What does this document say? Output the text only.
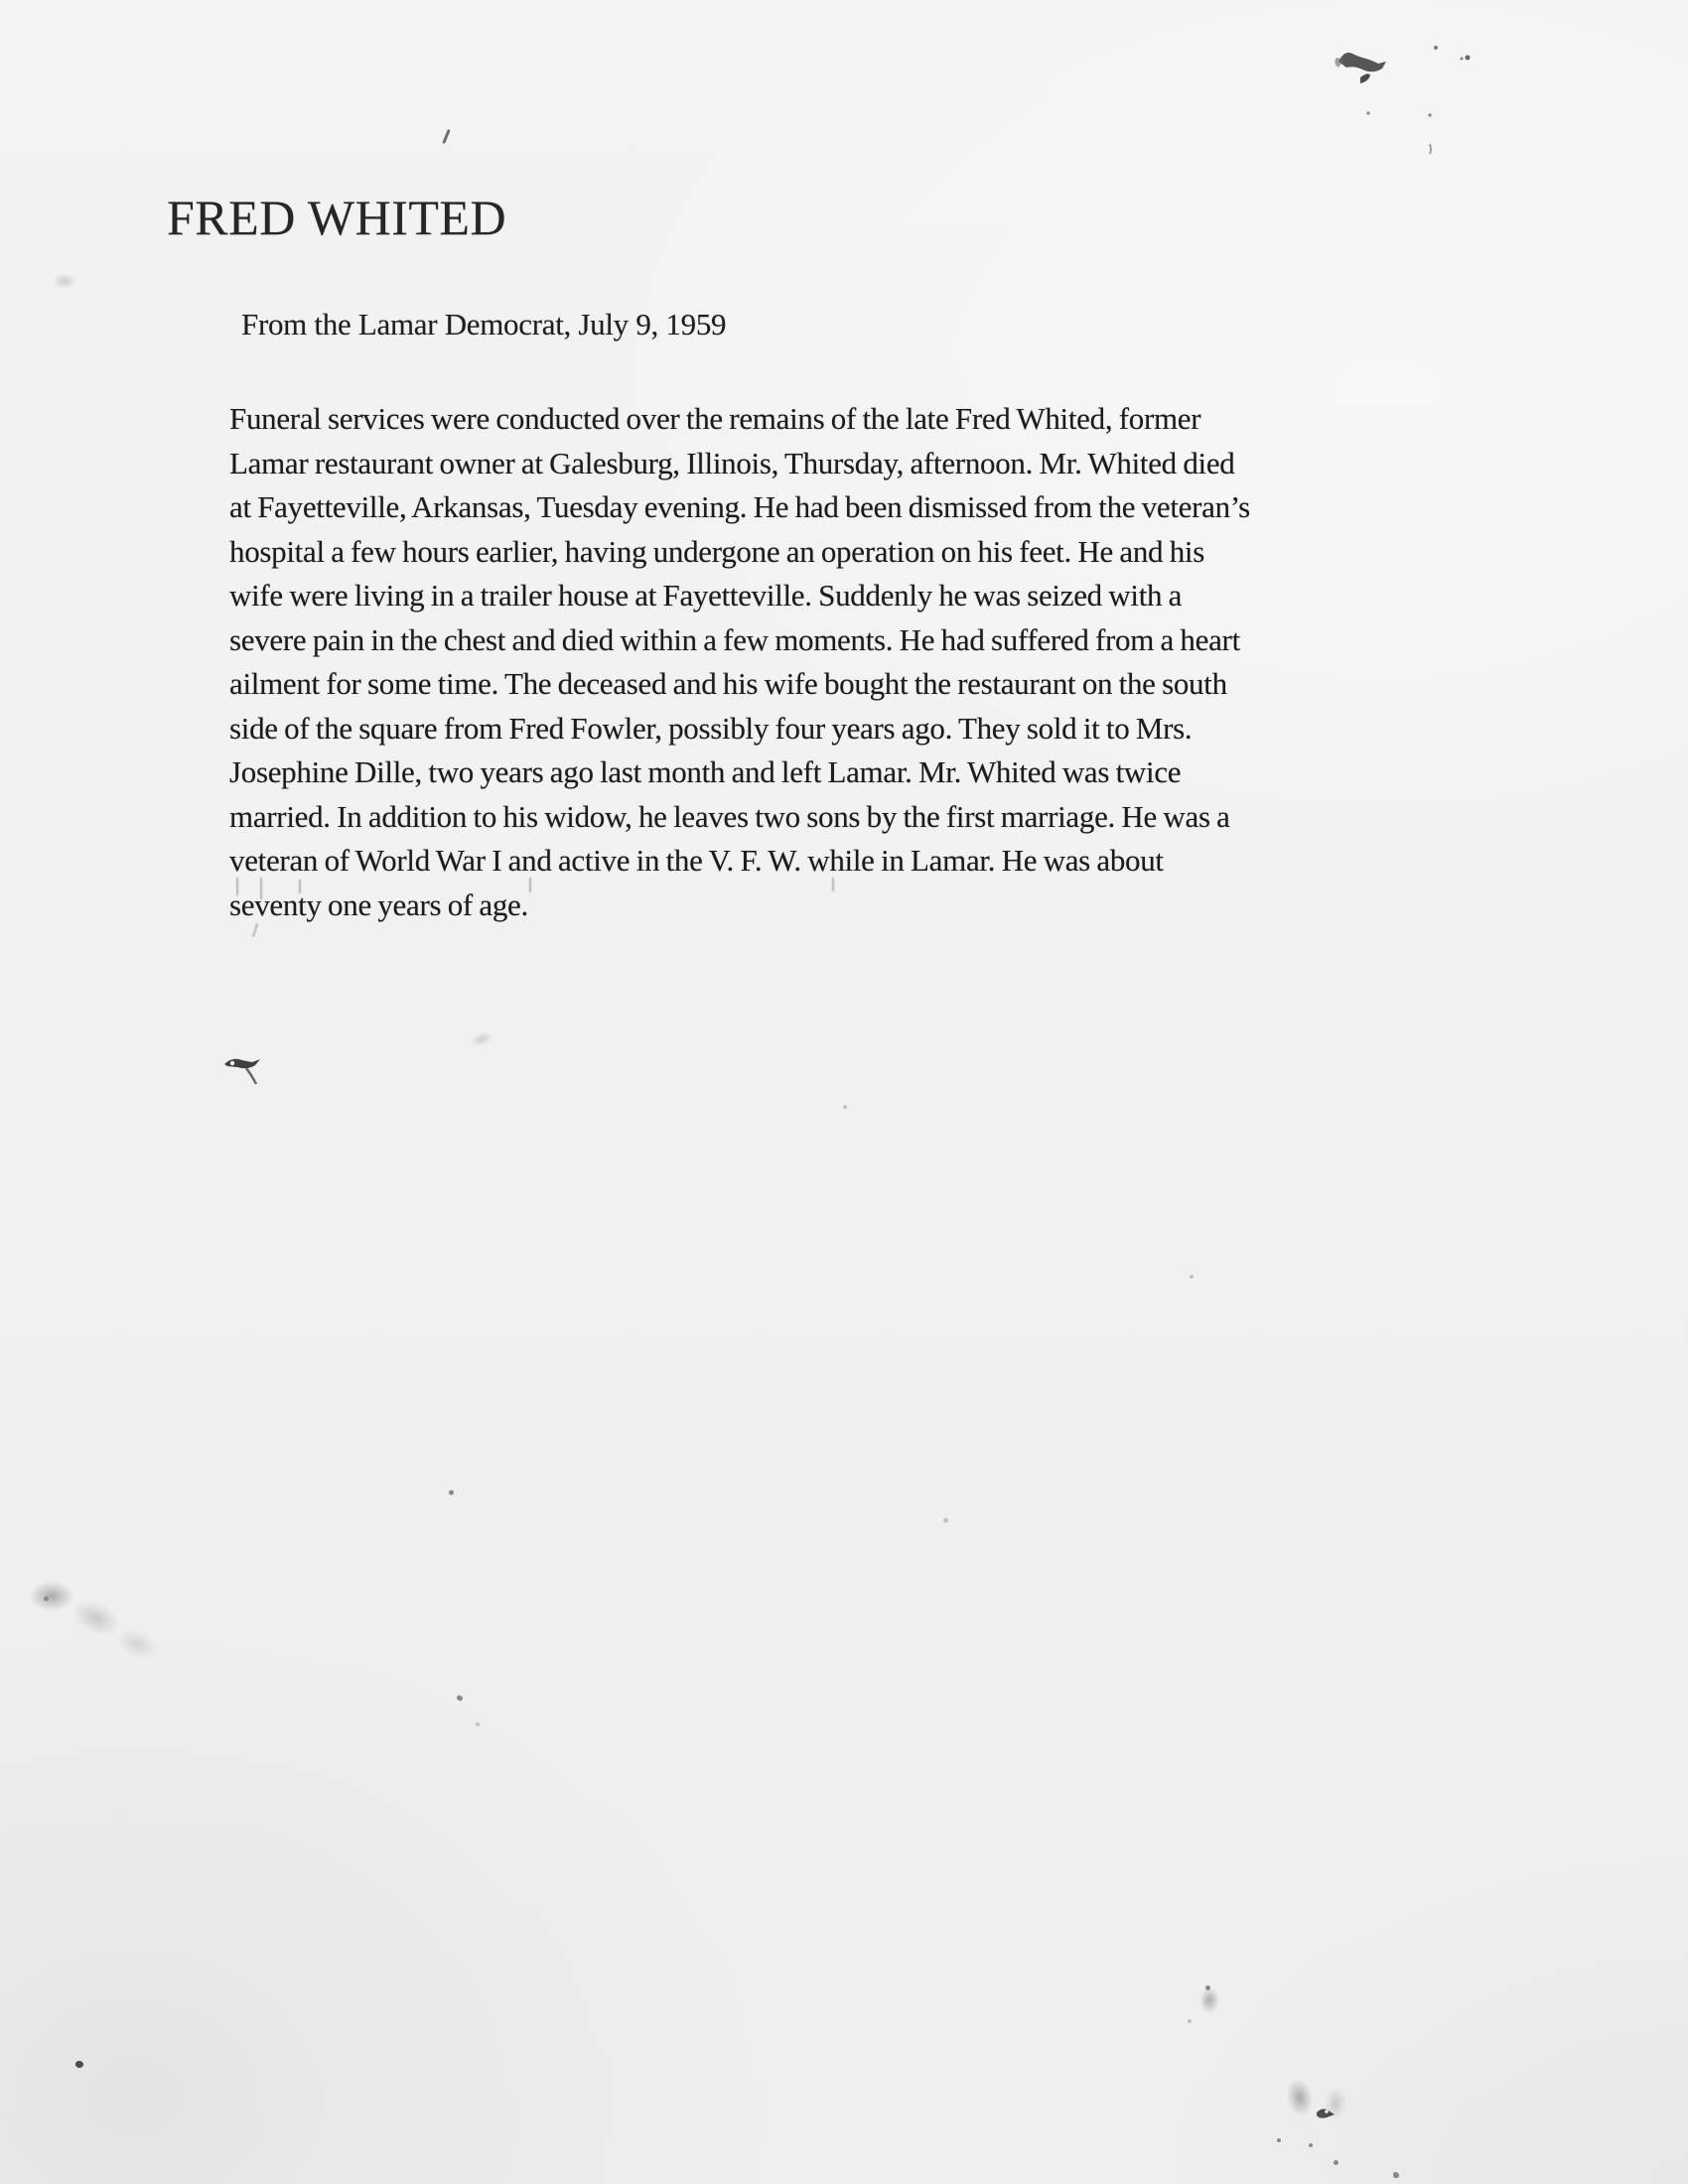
FRED WHITED
From the Lamar Democrat, July 9, 1959
Funeral services were conducted over the remains of the late Fred Whited, former
Lamar restaurant owner at Galesburg, Illinois, Thursday, afternoon. Mr. Whited died
at Fayetteville, Arkansas, Tuesday evening. He had been dismissed from the veteran’s
hospital a few hours earlier, having undergone an operation on his feet. He and his
wife were living in a trailer house at Fayetteville. Suddenly he was seized with a
severe pain in the chest and died within a few moments. He had suffered from a heart
ailment for some time. The deceased and his wife bought the restaurant on the south
side of the square from Fred Fowler, possibly four years ago. They sold it to Mrs.
Josephine Dille, two years ago last month and left Lamar. Mr. Whited was twice
married. In addition to his widow, he leaves two sons by the first marriage. He was a
veteran of World War I and active in the V. F. W. while in Lamar. He was about
seventy one years of age.
